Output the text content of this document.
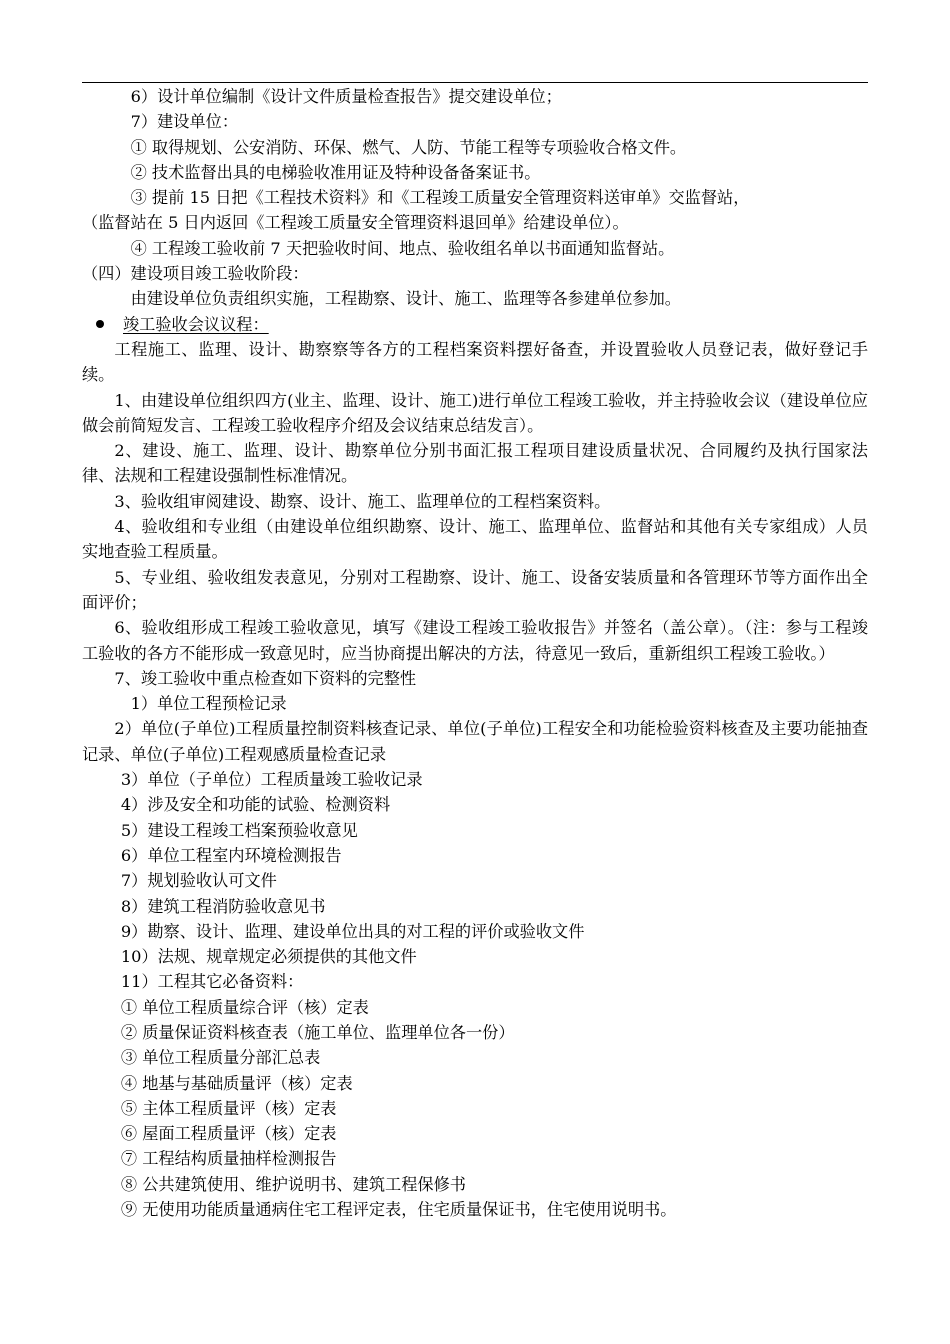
6）设计单位编制《设计文件质量检查报告》提交建设单位；

7）建设单位：

① 取得规划、公安消防、环保、燃气、人防、节能工程等专项验收合格文件。

② 技术监督出具的电梯验收准用证及特种设备备案证书。

③ 提前 15 日把《工程技术资料》和《工程竣工质量安全管理资料送审单》交监督站，

（监督站在 5 日内返回《工程竣工质量安全管理资料退回单》给建设单位）。

④ 工程竣工验收前 7 天把验收时间、地点、验收组名单以书面通知监督站。

（四）建设项目竣工验收阶段：

由建设单位负责组织实施，工程勘察、设计、施工、监理等各参建单位参加。

竣工验收会议议程：

工程施工、监理、设计、勘察察等各方的工程档案资料摆好备查，并设置验收人员登记表，做好登记手续。

1、由建设单位组织四方(业主、监理、设计、施工)进行单位工程竣工验收，并主持验收会议（建设单位应做会前简短发言、工程竣工验收程序介绍及会议结束总结发言）。

2、建设、施工、监理、设计、勘察单位分别书面汇报工程项目建设质量状况、合同履约及执行国家法律、法规和工程建设强制性标准情况。

3、验收组审阅建设、勘察、设计、施工、监理单位的工程档案资料。

4、验收组和专业组（由建设单位组织勘察、设计、施工、监理单位、监督站和其他有关专家组成）人员实地查验工程质量。

5、专业组、验收组发表意见，分别对工程勘察、设计、施工、设备安装质量和各管理环节等方面作出全面评价；

6、验收组形成工程竣工验收意见，填写《建设工程竣工验收报告》并签名（盖公章）。（注：参与工程竣工验收的各方不能形成一致意见时，应当协商提出解决的方法，待意见一致后，重新组织工程竣工验收。）

7、竣工验收中重点检查如下资料的完整性

1）单位工程预检记录

2）单位(子单位)工程质量控制资料核查记录、单位(子单位)工程安全和功能检验资料核查及主要功能抽查记录、单位(子单位)工程观感质量检查记录

3）单位（子单位）工程质量竣工验收记录

4）涉及安全和功能的试验、检测资料

5）建设工程竣工档案预验收意见

6）单位工程室内环境检测报告

7）规划验收认可文件

8）建筑工程消防验收意见书

9）勘察、设计、监理、建设单位出具的对工程的评价或验收文件

10）法规、规章规定必须提供的其他文件

11）工程其它必备资料：

① 单位工程质量综合评（核）定表

② 质量保证资料核查表（施工单位、监理单位各一份）

③ 单位工程质量分部汇总表

④ 地基与基础质量评（核）定表

⑤ 主体工程质量评（核）定表

⑥ 屋面工程质量评（核）定表

⑦ 工程结构质量抽样检测报告

⑧ 公共建筑使用、维护说明书、建筑工程保修书

⑨ 无使用功能质量通病住宅工程评定表，住宅质量保证书，住宅使用说明书。
